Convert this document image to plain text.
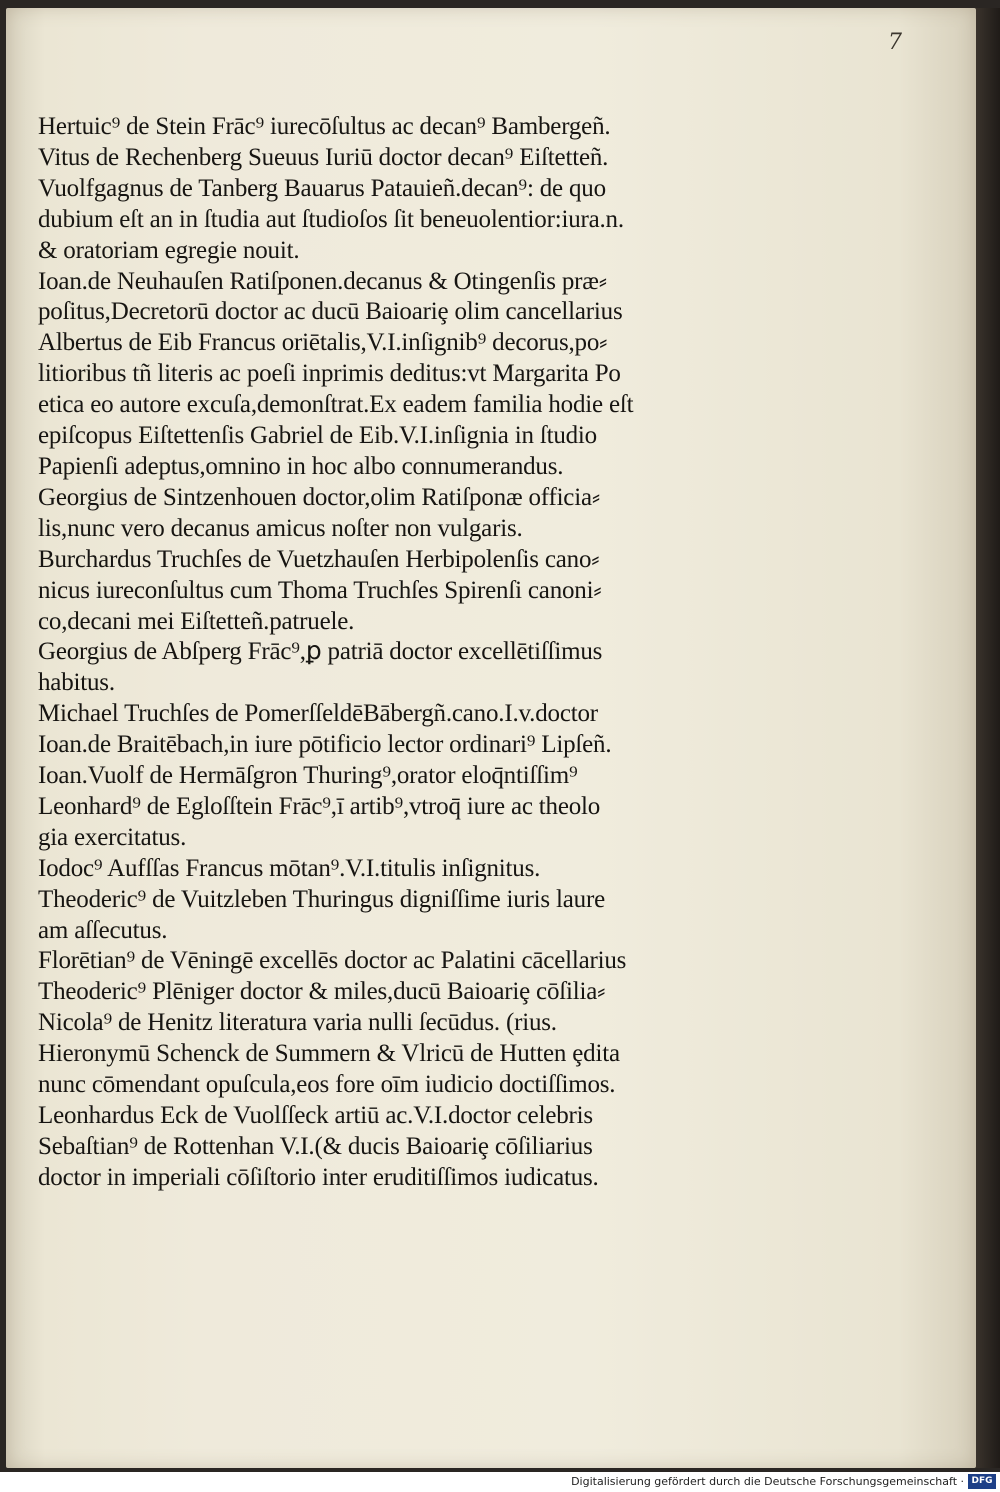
7
Hertuic⁹ de Stein Frāc⁹ iurecōſultus ac decan⁹ Bambergeñ.
Vitus de Rechenberg Sueuus Iuriū doctor decan⁹ Eiſtetteñ.
Vuolfgagnus de Tanberg Bauarus Patauieñ.decan⁹: de quo
dubium eſt an in ſtudia aut ſtudioſos ſit beneuolentior:iura.n.
& oratoriam egregie nouit.
Ioan.de Neuhauſen Ratiſponen.decanus & Otingenſis præ⸗
poſitus,Decretorū doctor ac ducū Baioariȩ olim cancellarius
Albertus de Eib Francus oriētalis,V.I.inſignib⁹ decorus,po⸗
litioribus tñ literis ac poeſi inprimis deditus:vt Margarita Po
etica eo autore excuſa,demonſtrat.Ex eadem familia hodie eſt
epiſcopus Eiſtettenſis Gabriel de Eib.V.I.inſignia in ſtudio
Papienſi adeptus,omnino in hoc albo connumerandus.
Georgius de Sintzenhouen doctor,olim Ratiſponæ officia⸗
lis,nunc vero decanus amicus noſter non vulgaris.
Burchardus Truchſes de Vuetzhauſen Herbipolenſis cano⸗
nicus iureconſultus cum Thoma Truchſes Spirenſi canoni⸗
co,decani mei Eiſtetteñ.patruele.
Georgius de Abſperg Frāc⁹,ꝑ patriā doctor excellētiſſimus
habitus.
Michael Truchſes de PomerſſeldēBābergñ.cano.I.v.doctor
Ioan.de Braitēbach,in iure pōtificio lector ordinari⁹ Lipſeñ.
Ioan.Vuolf de Hermāſgron Thuring⁹,orator eloq̄ntiſſim⁹
Leonhard⁹ de Egloſſtein Frāc⁹,ī artib⁹,vtroq̄ iure ac theolo
gia exercitatus.
Iodoc⁹ Aufſſas Francus mōtan⁹.V.I.titulis inſignitus.
Theoderic⁹ de Vuitzleben Thuringus digniſſime iuris laure
am aſſecutus.
Florētian⁹ de Vēningē excellēs doctor ac Palatini cācellarius
Theoderic⁹ Plēniger doctor & miles,ducū Baioariȩ cōſilia⸗
Nicola⁹ de Henitz literatura varia nulli ſecūdus. (rius.
Hieronymū Schenck de Summern & Vlricū de Hutten ȩdita
nunc cōmendant opuſcula,eos fore oīm iudicio doctiſſimos.
Leonhardus Eck de Vuolſſeck artiū ac.V.I.doctor celebris
Sebaſtian⁹ de Rottenhan V.I.(& ducis Baioariȩ cōſiliarius
doctor in imperiali cōſiſtorio inter eruditiſſimos iudicatus.
Digitalisierung gefördert durch die Deutsche Forschungsgemeinschaft · DFG
